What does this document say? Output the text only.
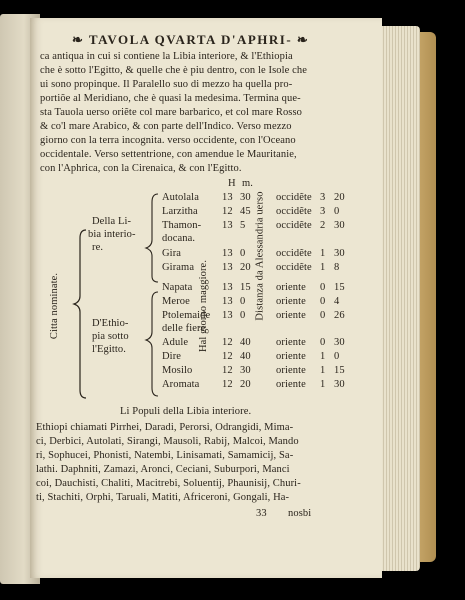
❧ TAVOLA QVARTA D'APHRI- ❧
ca antiqua in cui si contiene la Libia interiore, & l'Ethiopia
che è sotto l'Egitto, & quelle che è piu dentro, con le Isole che
ui sono propinque. Il Paralello suo di mezzo ha quella pro-
portiõe al Meridiano, che è quasi la medesima. Termina que-
sta Tauola uerso oriẽte col mare barbarico, et col mare Rosso
& co'l mare Arabico, & con parte dell'Indico. Verso mezzo
giorno con la terra incognita. verso occidente, con l'Oceano
occidentale. Verso settentrione, con amendue le Mauritanie,
con l'Aphrica, con la Cirenaica, & con l'Egitto.
H m.
Citta nominate.
Della Li-
bia interio-
re.
D'Ethio-
pia sotto
l'Egitto.	Hal giorno maggiore.	Distanza da Alessandria uerso
Autolala 13 30 occidẽte 3 20
Larzitha 12 45 occidẽte 3 0
Thamon- 13 5	occidẽte 2 30
docana.
Gira	13 0	occidẽte 1 30
Girama	13 20 occidẽte 1 8
Napata	13 15 oriente 0 15
Meroe	13 0	oriente 0 4
Ptolemaide 13 0	oriente 0 26
delle fiere
Adule	12 40 oriente 0 30
Dire	12 40 oriente 1 0
Mosilo	12 30 oriente 1 15
Aromata 12 20 oriente 1 30
Li Populi della Libia interiore.
Ethiopi chiamati Pirrhei, Daradi, Perorsi, Odrangidi, Mima-
ci, Derbici, Autolati, Sirangi, Mausoli, Rabij, Malcoi, Mando
ri, Sophucei, Phonisti, Natembi, Linisamati, Samamicij, Sa-
lathi. Daphniti, Zamazi, Aronci, Ceciani, Suburpori, Manci
coi, Dauchisti, Chaliti, Macitrebi, Soluentij, Phaunisij, Churi-
ti, Stachiti, Orphi, Taruali, Matiti, Africeroni, Gongali, Ha-
33 nosbi
